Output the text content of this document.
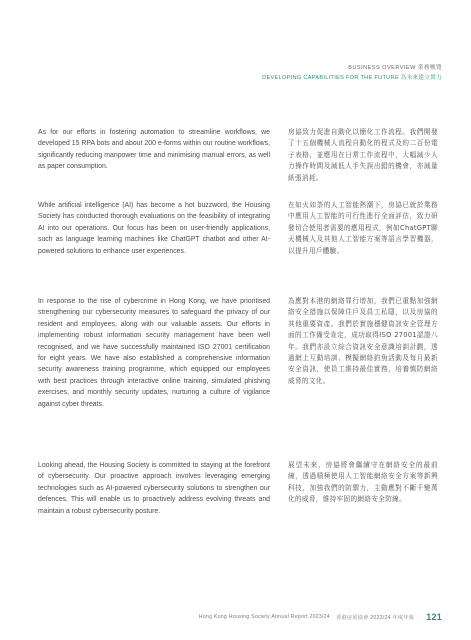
BUSINESS OVERVIEW 業務概覽
DEVELOPING CAPABILITIES FOR THE FUTURE 為未來建立實力

As for our efforts in fostering automation to streamline workflows, we developed 15 RPA bots and about 200 e-forms within our routine workflows, significantly reducing manpower time and minimising manual errors, as well as paper consumption.

房協致力促進自動化以簡化工作流程。我們開發了十五個機械人流程自動化的程式及約二百份電子表格，並應用在日常工作流程中，大幅減少人力操作時間及減低人手失誤出錯的機會，亦減量紙張消耗。

While artificial intelligence (AI) has become a hot buzzword, the Housing Society has conducted thorough evaluations on the feasibility of integrating AI into our operations. Our focus has been on user-friendly applications, such as language learning machines like ChatGPT chatbot and other AI-powered solutions to enhance user experiences.

在如火如荼的人工智能熱潮下，房協已就於業務中應用人工智能的可行性進行全面評估，致力研發切合使用者需要的應用程式，例如ChatGPT聊天機械人及其他人工智能方案等語言學習機器，以提升用戶體驗。

In response to the rise of cybercrime in Hong Kong, we have prioritised strengthening our cybersecurity measures to safeguard the privacy of our resident and employees, along with our valuable assets. Our efforts in implementing robust information security management have been well recognised, and we have successfully maintained ISO 27001 certification for eight years. We have also established a comprehensive information security awareness training programme, which equipped our employees with best practices through interactive online training, simulated phishing exercises, and monthly security updates, nurturing a culture of vigilance against cyber threats.

為應對本港的網絡罪行增加，我們已重點加強網絡安全措施以保障住戶及員工私隱，以及房協的其他重要資產。我們於實施穩健資訊安全管理方面的工作備受肯定，成功取得ISO 27001認證八年。我們亦設立綜合資訊安全意識培訓計劃，透過網上互動培訓、模擬網絡釣魚活動及每月最新安全資訊，使員工維持最佳實務，培養慎防網絡威脅的文化。

Looking ahead, the Housing Society is committed to staying at the forefront of cybersecurity. Our proactive approach involves leveraging emerging technologies such as AI-powered cybersecurity solutions to strengthen our defences. This will enable us to proactively address evolving threats and maintain a robust cybersecurity posture.

展望未來，房協將會繼續守在網絡安全的最前線，透過積極使用人工智能網絡安全方案等新興科技，加強我們的防禦力，主動應對不斷千變萬化的威脅，維持牢固的網絡安全防線。

Hong Kong Housing Society Annual Report 2023/24 香港房屋協會 2023/24 年度年報 121
